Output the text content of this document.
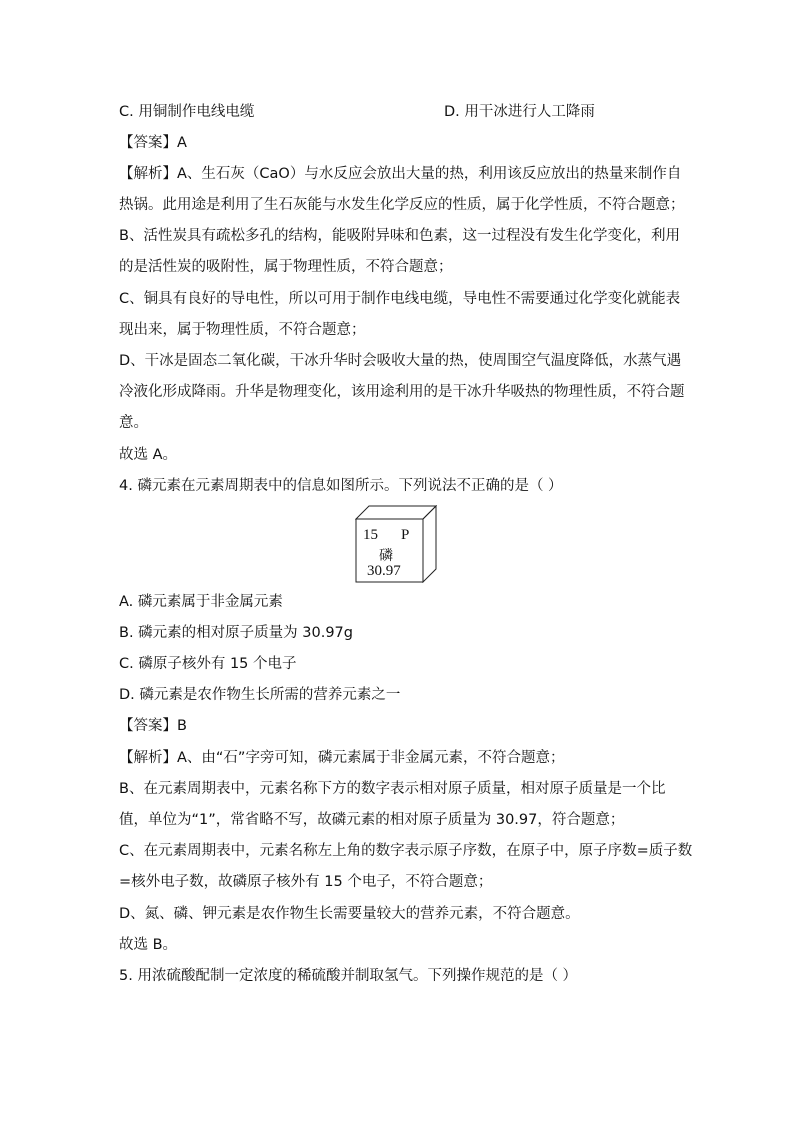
C. 用铜制作电线电缆	D. 用干冰进行人工降雨
【答案】A
【解析】A、生石灰（CaO）与水反应会放出大量的热，利用该反应放出的热量来制作自
热锅。此用途是利用了生石灰能与水发生化学反应的性质，属于化学性质，不符合题意；
B、活性炭具有疏松多孔的结构，能吸附异味和色素，这一过程没有发生化学变化，利用
的是活性炭的吸附性，属于物理性质，不符合题意；
C、铜具有良好的导电性，所以可用于制作电线电缆，导电性不需要通过化学变化就能表
现出来，属于物理性质，不符合题意；
D、干冰是固态二氧化碳，干冰升华时会吸收大量的热，使周围空气温度降低，水蒸气遇
冷液化形成降雨。升华是物理变化，该用途利用的是干冰升华吸热的物理性质，不符合题
意。
故选 A。
4. 磷元素在元素周期表中的信息如图所示。下列说法不正确的是（ ）
15 P
磷
30.97
A. 磷元素属于非金属元素
B. 磷元素的相对原子质量为 30.97g
C. 磷原子核外有 15 个电子
D. 磷元素是农作物生长所需的营养元素之一
【答案】B
【解析】A、由“石”字旁可知，磷元素属于非金属元素，不符合题意；
B、在元素周期表中，元素名称下方的数字表示相对原子质量，相对原子质量是一个比
值，单位为“1”，常省略不写，故磷元素的相对原子质量为 30.97，符合题意；
C、在元素周期表中，元素名称左上角的数字表示原子序数，在原子中，原子序数=质子数
=核外电子数，故磷原子核外有 15 个电子，不符合题意；
D、氮、磷、钾元素是农作物生长需要量较大的营养元素，不符合题意。
故选 B。
5. 用浓硫酸配制一定浓度的稀硫酸并制取氢气。下列操作规范的是（ ）
